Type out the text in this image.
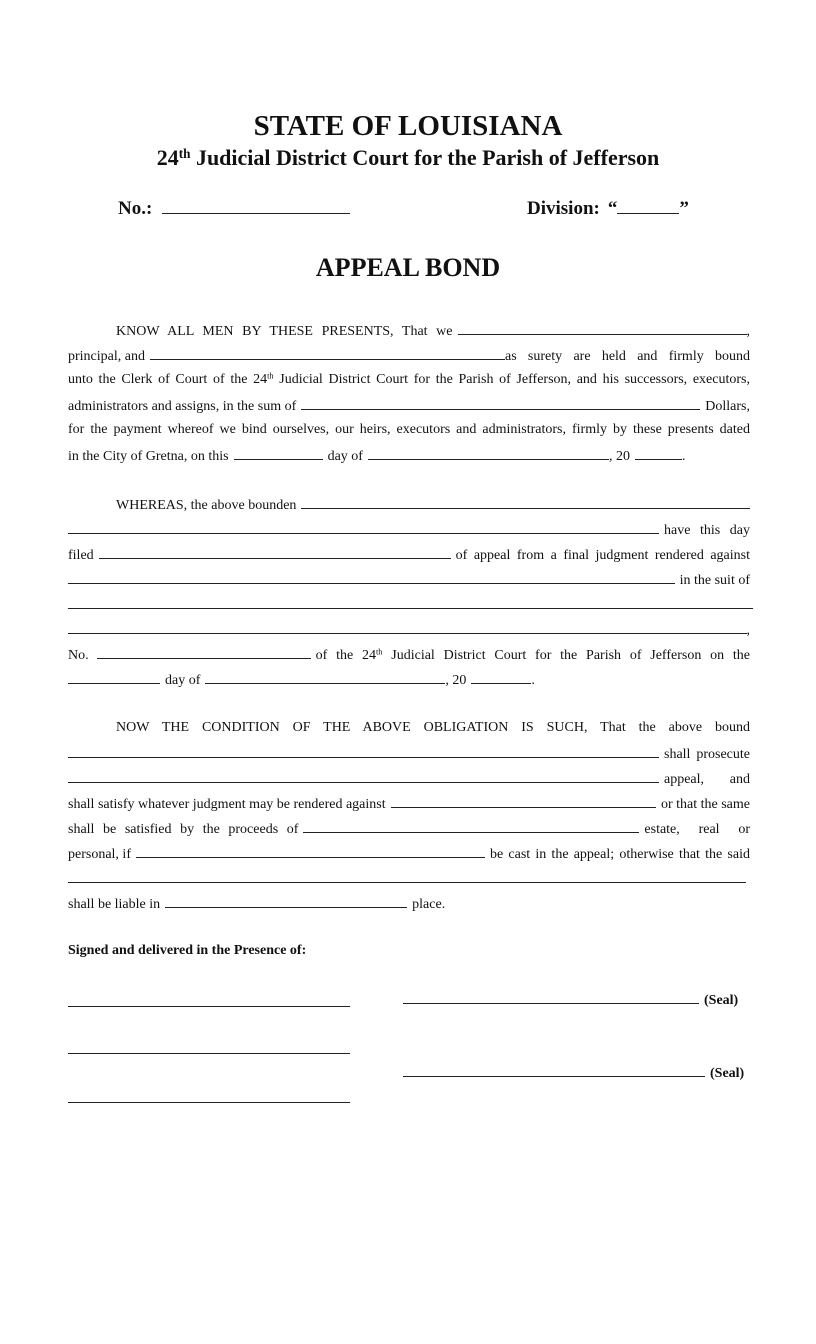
STATE OF LOUISIANA
24th Judicial District Court for the Parish of Jefferson
No.:	Division: “	”
APPEAL BOND
KNOW ALL MEN BY THESE PRESENTS, That we	,
principal, and	as surety are held and firmly bound
unto the Clerk of Court of the 24th Judicial District Court for the Parish of Jefferson, and his successors, executors,
administrators and assigns, in the sum of	Dollars,
for the payment whereof we bind ourselves, our heirs, executors and administrators, firmly by these presents dated
in the City of Gretna, on this	day of	, 20	.
WHEREAS, the above bounden
have this day
filed	of appeal from a final judgment rendered against
in the suit of
,
No.	of the 24th Judicial District Court for the Parish of Jefferson on the
day of	, 20	.
NOW THE CONDITION OF THE ABOVE OBLIGATION IS SUCH, That the above bound
shall prosecute
appeal, and
shall satisfy whatever judgment may be rendered against	or that the same
shall be satisfied by the proceeds of	estate, real or
personal, if	be cast in the appeal; otherwise that the said
shall be liable in	place.
Signed and delivered in the Presence of:
(Seal)
(Seal)
